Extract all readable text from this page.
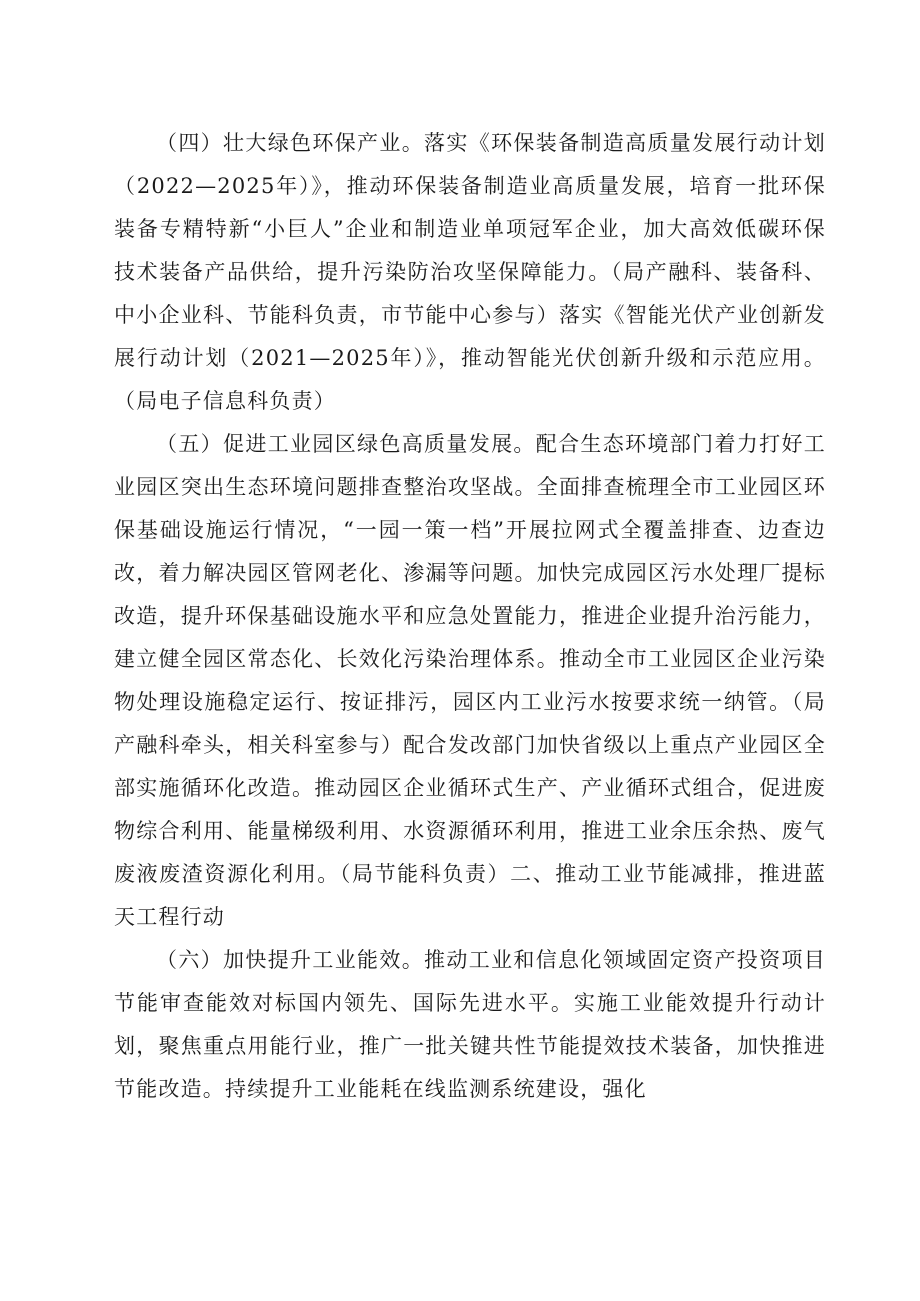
（四）壮大绿色环保产业。落实《环保装备制造高质量发展行动计划（2022—2025年）》，推动环保装备制造业高质量发展，培育一批环保装备专精特新“小巨人”企业和制造业单项冠军企业，加大高效低碳环保技术装备产品供给，提升污染防治攻坚保障能力。（局产融科、装备科、中小企业科、节能科负责，市节能中心参与）落实《智能光伏产业创新发展行动计划（2021—2025年）》，推动智能光伏创新升级和示范应用。（局电子信息科负责）

（五）促进工业园区绿色高质量发展。配合生态环境部门着力打好工业园区突出生态环境问题排查整治攻坚战。全面排查梳理全市工业园区环保基础设施运行情况，“一园一策一档”开展拉网式全覆盖排查、边查边改，着力解决园区管网老化、渗漏等问题。加快完成园区污水处理厂提标改造，提升环保基础设施水平和应急处置能力，推进企业提升治污能力，建立健全园区常态化、长效化污染治理体系。推动全市工业园区企业污染物处理设施稳定运行、按证排污，园区内工业污水按要求统一纳管。（局产融科牵头，相关科室参与）配合发改部门加快省级以上重点产业园区全部实施循环化改造。推动园区企业循环式生产、产业循环式组合，促进废物综合利用、能量梯级利用、水资源循环利用，推进工业余压余热、废气废液废渣资源化利用。（局节能科负责）二、推动工业节能减排，推进蓝天工程行动

（六）加快提升工业能效。推动工业和信息化领域固定资产投资项目节能审查能效对标国内领先、国际先进水平。实施工业能效提升行动计划，聚焦重点用能行业，推广一批关键共性节能提效技术装备，加快推进节能改造。持续提升工业能耗在线监测系统建设，强化
